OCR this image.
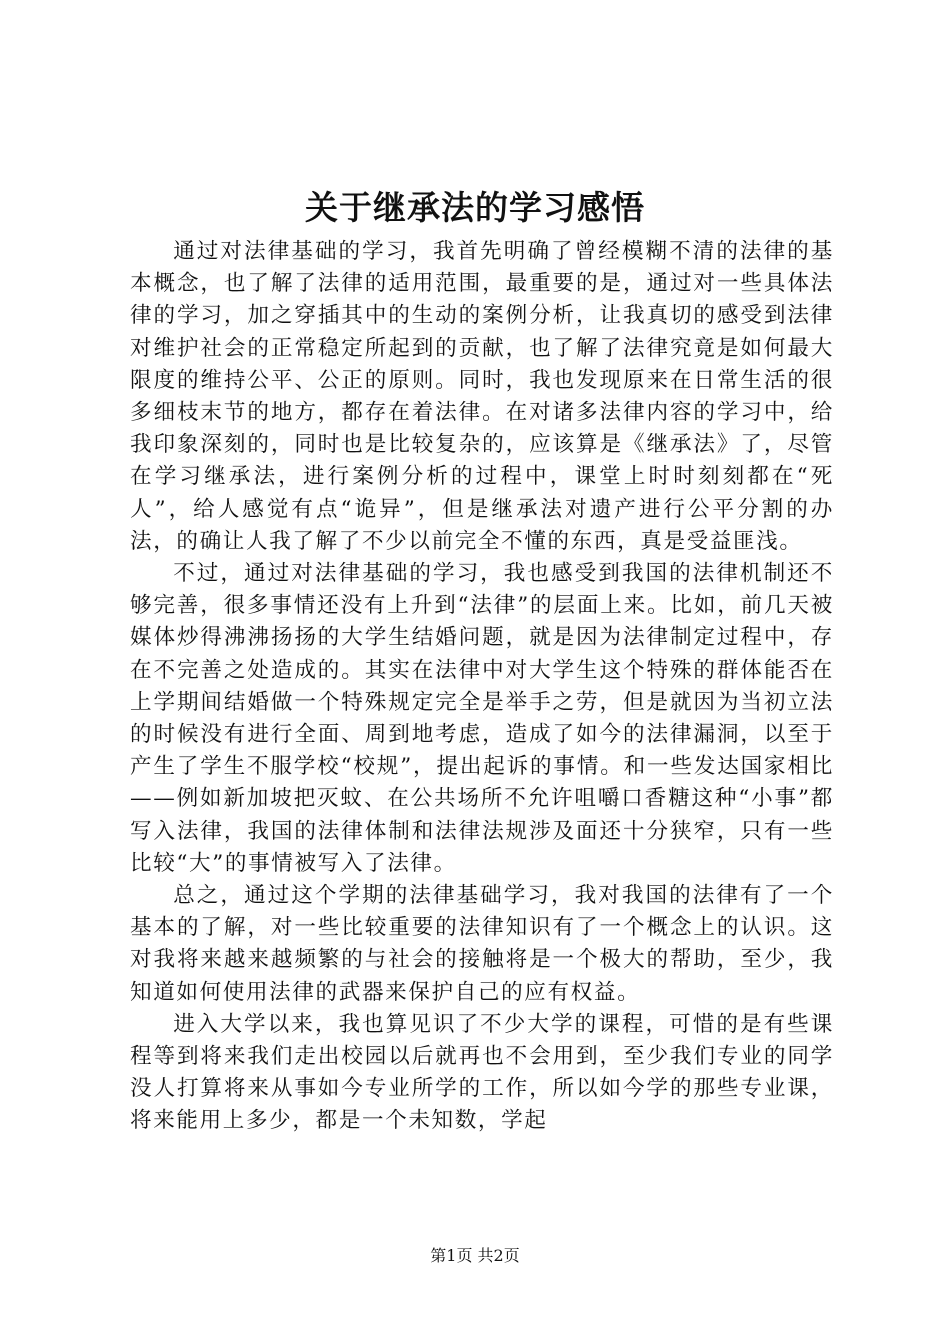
关于继承法的学习感悟

通过对法律基础的学习，我首先明确了曾经模糊不清的法律的基本概念，也了解了法律的适用范围，最重要的是，通过对一些具体法律的学习，加之穿插其中的生动的案例分析，让我真切的感受到法律对维护社会的正常稳定所起到的贡献，也了解了法律究竟是如何最大限度的维持公平、公正的原则。同时，我也发现原来在日常生活的很多细枝末节的地方，都存在着法律。在对诸多法律内容的学习中，给我印象深刻的，同时也是比较复杂的，应该算是《继承法》了，尽管在学习继承法，进行案例分析的过程中，课堂上时时刻刻都在“死人”，给人感觉有点“诡异”，但是继承法对遗产进行公平分割的办法，的确让人我了解了不少以前完全不懂的东西，真是受益匪浅。

不过，通过对法律基础的学习，我也感受到我国的法律机制还不够完善，很多事情还没有上升到“法律”的层面上来。比如，前几天被媒体炒得沸沸扬扬的大学生结婚问题，就是因为法律制定过程中，存在不完善之处造成的。其实在法律中对大学生这个特殊的群体能否在上学期间结婚做一个特殊规定完全是举手之劳，但是就因为当初立法的时候没有进行全面、周到地考虑，造成了如今的法律漏洞，以至于产生了学生不服学校“校规”，提出起诉的事情。和一些发达国家相比——例如新加坡把灭蚊、在公共场所不允许咀嚼口香糖这种“小事”都写入法律，我国的法律体制和法律法规涉及面还十分狭窄，只有一些比较“大”的事情被写入了法律。

总之，通过这个学期的法律基础学习，我对我国的法律有了一个基本的了解，对一些比较重要的法律知识有了一个概念上的认识。这对我将来越来越频繁的与社会的接触将是一个极大的帮助，至少，我知道如何使用法律的武器来保护自己的应有权益。

进入大学以来，我也算见识了不少大学的课程，可惜的是有些课程等到将来我们走出校园以后就再也不会用到，至少我们专业的同学没人打算将来从事如今专业所学的工作，所以如今学的那些专业课，将来能用上多少，都是一个未知数，学起

第1页 共2页
